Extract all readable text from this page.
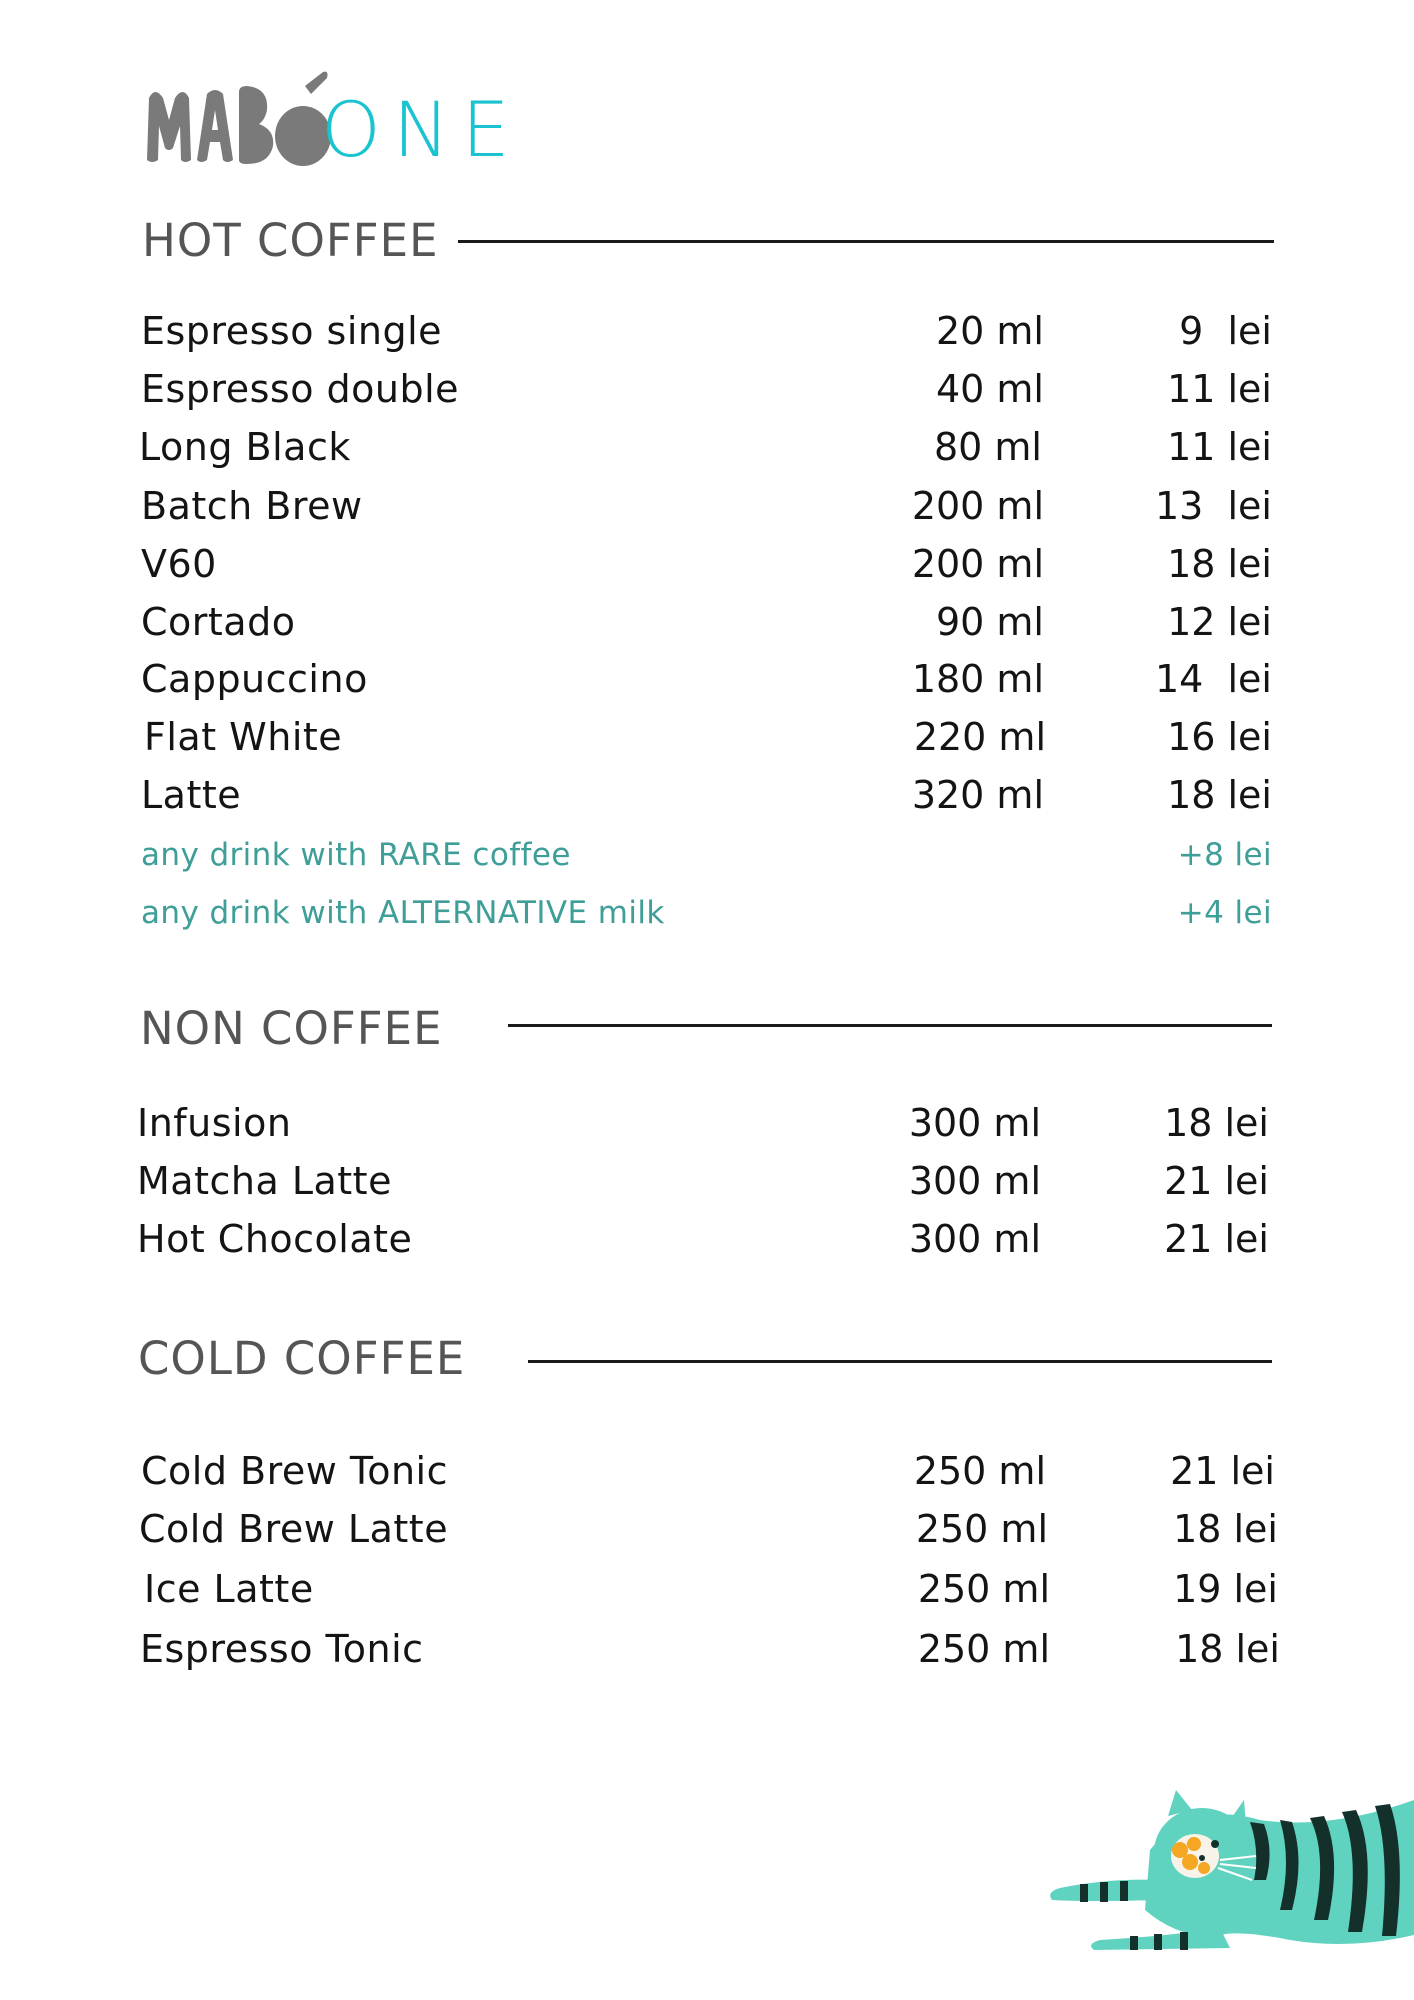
ONE
HOT COFFEE
Espresso single	20 ml	9  lei
Espresso double	40 ml	11 lei
Long Black	80 ml	11 lei
Batch Brew	200 ml	13  lei
V60	200 ml	18 lei
Cortado	90 ml	12 lei
Cappuccino	180 ml	14  lei
Flat White	220 ml	16 lei
Latte	320 ml	18 lei
any drink with RARE coffee	+8 lei
any drink with ALTERNATIVE milk	+4 lei
NON COFFEE
Infusion	300 ml	18 lei
Matcha Latte	300 ml	21 lei
Hot Chocolate	300 ml	21 lei
COLD COFFEE
Cold Brew Tonic	250 ml	21 lei
Cold Brew Latte	250 ml	18 lei
Ice Latte	250 ml	19 lei
Espresso Tonic	250 ml	18 lei
